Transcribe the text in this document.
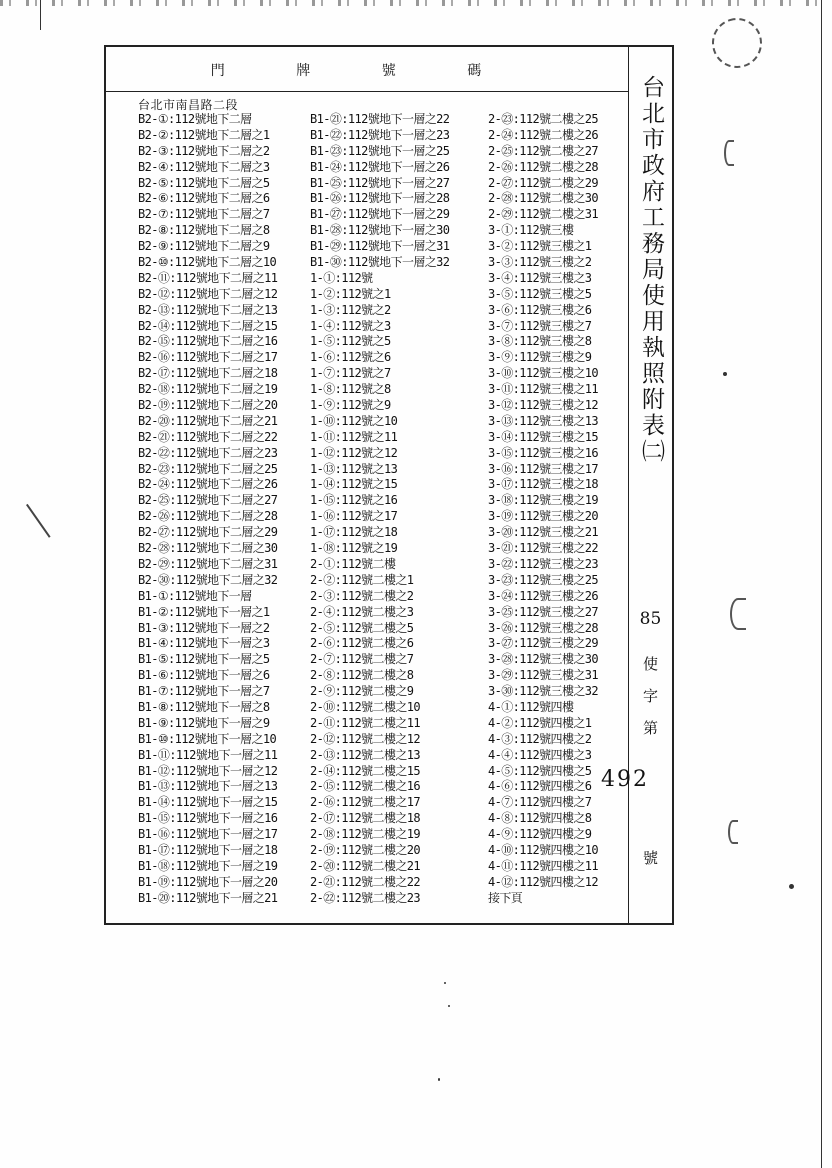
門	牌	號	碼
台北市南昌路二段
B2-①:112號地下二層
B2-②:112號地下二層之1
B2-③:112號地下二層之2
B2-④:112號地下二層之3
B2-⑤:112號地下二層之5
B2-⑥:112號地下二層之6
B2-⑦:112號地下二層之7
B2-⑧:112號地下二層之8
B2-⑨:112號地下二層之9
B2-⑩:112號地下二層之10
B2-⑪:112號地下二層之11
B2-⑫:112號地下二層之12
B2-⑬:112號地下二層之13
B2-⑭:112號地下二層之15
B2-⑮:112號地下二層之16
B2-⑯:112號地下二層之17
B2-⑰:112號地下二層之18
B2-⑱:112號地下二層之19
B2-⑲:112號地下二層之20
B2-⑳:112號地下二層之21
B2-㉑:112號地下二層之22
B2-㉒:112號地下二層之23
B2-㉓:112號地下二層之25
B2-㉔:112號地下二層之26
B2-㉕:112號地下二層之27
B2-㉖:112號地下二層之28
B2-㉗:112號地下二層之29
B2-㉘:112號地下二層之30
B2-㉙:112號地下二層之31
B2-㉚:112號地下二層之32
B1-①:112號地下一層
B1-②:112號地下一層之1
B1-③:112號地下一層之2
B1-④:112號地下一層之3
B1-⑤:112號地下一層之5
B1-⑥:112號地下一層之6
B1-⑦:112號地下一層之7
B1-⑧:112號地下一層之8
B1-⑨:112號地下一層之9
B1-⑩:112號地下一層之10
B1-⑪:112號地下一層之11
B1-⑫:112號地下一層之12
B1-⑬:112號地下一層之13
B1-⑭:112號地下一層之15
B1-⑮:112號地下一層之16
B1-⑯:112號地下一層之17
B1-⑰:112號地下一層之18
B1-⑱:112號地下一層之19
B1-⑲:112號地下一層之20
B1-⑳:112號地下一層之21
B1-㉑:112號地下一層之22
B1-㉒:112號地下一層之23
B1-㉓:112號地下一層之25
B1-㉔:112號地下一層之26
B1-㉕:112號地下一層之27
B1-㉖:112號地下一層之28
B1-㉗:112號地下一層之29
B1-㉘:112號地下一層之30
B1-㉙:112號地下一層之31
B1-㉚:112號地下一層之32
1-①:112號
1-②:112號之1
1-③:112號之2
1-④:112號之3
1-⑤:112號之5
1-⑥:112號之6
1-⑦:112號之7
1-⑧:112號之8
1-⑨:112號之9
1-⑩:112號之10
1-⑪:112號之11
1-⑫:112號之12
1-⑬:112號之13
1-⑭:112號之15
1-⑮:112號之16
1-⑯:112號之17
1-⑰:112號之18
1-⑱:112號之19
2-①:112號二樓
2-②:112號二樓之1
2-③:112號二樓之2
2-④:112號二樓之3
2-⑤:112號二樓之5
2-⑥:112號二樓之6
2-⑦:112號二樓之7
2-⑧:112號二樓之8
2-⑨:112號二樓之9
2-⑩:112號二樓之10
2-⑪:112號二樓之11
2-⑫:112號二樓之12
2-⑬:112號二樓之13
2-⑭:112號二樓之15
2-⑮:112號二樓之16
2-⑯:112號二樓之17
2-⑰:112號二樓之18
2-⑱:112號二樓之19
2-⑲:112號二樓之20
2-⑳:112號二樓之21
2-㉑:112號二樓之22
2-㉒:112號二樓之23
2-㉓:112號二樓之25
2-㉔:112號二樓之26
2-㉕:112號二樓之27
2-㉖:112號二樓之28
2-㉗:112號二樓之29
2-㉘:112號二樓之30
2-㉙:112號二樓之31
3-①:112號三樓
3-②:112號三樓之1
3-③:112號三樓之2
3-④:112號三樓之3
3-⑤:112號三樓之5
3-⑥:112號三樓之6
3-⑦:112號三樓之7
3-⑧:112號三樓之8
3-⑨:112號三樓之9
3-⑩:112號三樓之10
3-⑪:112號三樓之11
3-⑫:112號三樓之12
3-⑬:112號三樓之13
3-⑭:112號三樓之15
3-⑮:112號三樓之16
3-⑯:112號三樓之17
3-⑰:112號三樓之18
3-⑱:112號三樓之19
3-⑲:112號三樓之20
3-⑳:112號三樓之21
3-㉑:112號三樓之22
3-㉒:112號三樓之23
3-㉓:112號三樓之25
3-㉔:112號三樓之26
3-㉕:112號三樓之27
3-㉖:112號三樓之28
3-㉗:112號三樓之29
3-㉘:112號三樓之30
3-㉙:112號三樓之31
3-㉚:112號三樓之32
4-①:112號四樓
4-②:112號四樓之1
4-③:112號四樓之2
4-④:112號四樓之3
4-⑤:112號四樓之5
4-⑥:112號四樓之6
4-⑦:112號四樓之7
4-⑧:112號四樓之8
4-⑨:112號四樓之9
4-⑩:112號四樓之10
4-⑪:112號四樓之11
4-⑫:112號四樓之12
接下頁
台北市政府工務局使用執照附表㈡
85
使
字
第
492
號
